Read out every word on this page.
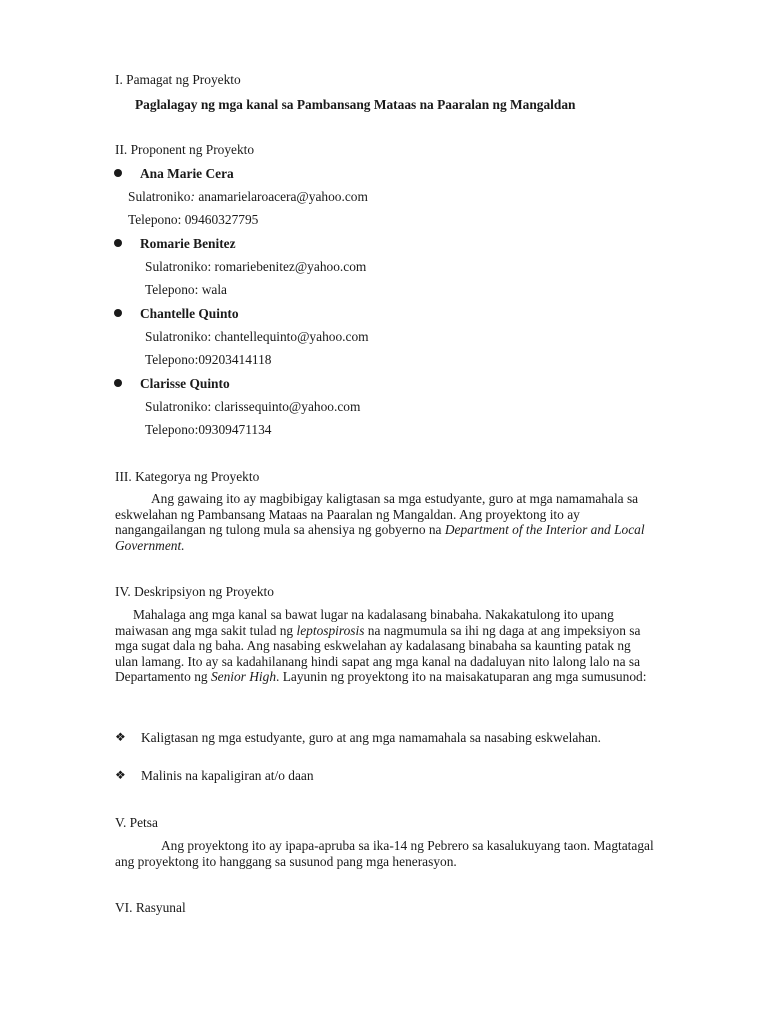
I. Pamagat ng Proyekto
Paglalagay ng mga kanal sa Pambansang Mataas na Paaralan ng Mangaldan
II. Proponent ng Proyekto
Ana Marie Cera
Sulatroniko: anamarielaroacera@yahoo.com
Telepono: 09460327795
Romarie Benitez
Sulatroniko: romariebenitez@yahoo.com
Telepono: wala
Chantelle Quinto
Sulatroniko: chantellequinto@yahoo.com
Telepono:09203414118
Clarisse Quinto
Sulatroniko: clarissequinto@yahoo.com
Telepono:09309471134
III. Kategorya ng Proyekto
Ang gawaing ito ay magbibigay kaligtasan sa mga estudyante, guro at mga namamahala sa eskwelahan ng Pambansang Mataas na Paaralan ng Mangaldan. Ang proyektong ito ay nangangailangan ng tulong mula sa ahensiya ng gobyerno na Department of the Interior and Local Government.
IV. Deskripsiyon ng Proyekto
Mahalaga ang mga kanal sa bawat lugar na kadalasang binabaha. Nakakatulong ito upang maiwasan ang mga sakit tulad ng leptospirosis na nagmumula sa ihi ng daga at ang impeksiyon sa mga sugat dala ng baha. Ang nasabing eskwelahan ay kadalasang binabaha sa kaunting patak ng ulan lamang. Ito ay sa kadahilanang hindi sapat ang mga kanal na dadaluyan nito lalong lalo na sa Departamento ng Senior High. Layunin ng proyektong ito na maisakatuparan ang mga sumusunod:
❖ Kaligtasan ng mga estudyante, guro at ang mga namamahala sa nasabing eskwelahan.
❖ Malinis na kapaligiran at/o daan
V. Petsa
Ang proyektong ito ay ipapa-apruba sa ika-14 ng Pebrero sa kasalukuyang taon. Magtatagal ang proyektong ito hanggang sa susunod pang mga henerasyon.
VI. Rasyunal
